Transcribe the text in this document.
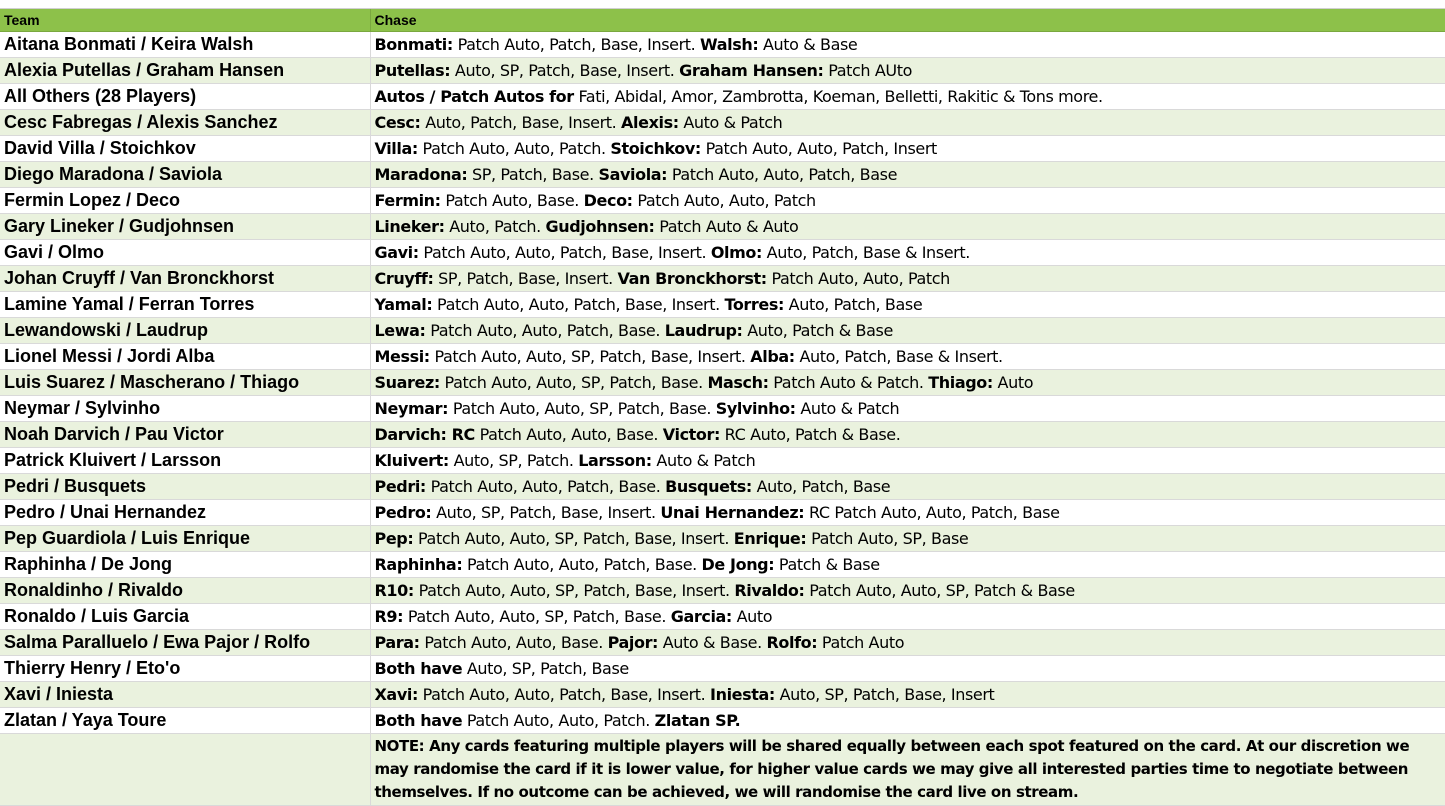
Team	Chase
Aitana Bonmati / Keira Walsh	Bonmati: Patch Auto, Patch, Base, Insert. Walsh: Auto & Base
Alexia Putellas / Graham Hansen	Putellas: Auto, SP, Patch, Base, Insert. Graham Hansen: Patch AUto
All Others (28 Players)	Autos / Patch Autos for Fati, Abidal, Amor, Zambrotta, Koeman, Belletti, Rakitic & Tons more.
Cesc Fabregas / Alexis Sanchez	Cesc: Auto, Patch, Base, Insert. Alexis: Auto & Patch
David Villa / Stoichkov	Villa: Patch Auto, Auto, Patch. Stoichkov: Patch Auto, Auto, Patch, Insert
Diego Maradona / Saviola	Maradona: SP, Patch, Base. Saviola: Patch Auto, Auto, Patch, Base
Fermin Lopez / Deco	Fermin: Patch Auto, Base. Deco: Patch Auto, Auto, Patch
Gary Lineker / Gudjohnsen	Lineker: Auto, Patch. Gudjohnsen: Patch Auto & Auto
Gavi / Olmo	Gavi: Patch Auto, Auto, Patch, Base, Insert. Olmo: Auto, Patch, Base & Insert.
Johan Cruyff / Van Bronckhorst	Cruyff: SP, Patch, Base, Insert. Van Bronckhorst: Patch Auto, Auto, Patch
Lamine Yamal / Ferran Torres	Yamal: Patch Auto, Auto, Patch, Base, Insert. Torres: Auto, Patch, Base
Lewandowski / Laudrup	Lewa: Patch Auto, Auto, Patch, Base. Laudrup: Auto, Patch & Base
Lionel Messi / Jordi Alba	Messi: Patch Auto, Auto, SP, Patch, Base, Insert. Alba: Auto, Patch, Base & Insert.
Luis Suarez / Mascherano / Thiago	Suarez: Patch Auto, Auto, SP, Patch, Base. Masch: Patch Auto & Patch. Thiago: Auto
Neymar / Sylvinho	Neymar: Patch Auto, Auto, SP, Patch, Base. Sylvinho: Auto & Patch
Noah Darvich / Pau Victor	Darvich: RC Patch Auto, Auto, Base. Victor: RC Auto, Patch & Base.
Patrick Kluivert / Larsson	Kluivert: Auto, SP, Patch. Larsson: Auto & Patch
Pedri / Busquets	Pedri: Patch Auto, Auto, Patch, Base. Busquets: Auto, Patch, Base
Pedro / Unai Hernandez	Pedro: Auto, SP, Patch, Base, Insert. Unai Hernandez: RC Patch Auto, Auto, Patch, Base
Pep Guardiola / Luis Enrique	Pep: Patch Auto, Auto, SP, Patch, Base, Insert. Enrique: Patch Auto, SP, Base
Raphinha / De Jong	Raphinha: Patch Auto, Auto, Patch, Base. De Jong: Patch & Base
Ronaldinho / Rivaldo	R10: Patch Auto, Auto, SP, Patch, Base, Insert. Rivaldo: Patch Auto, Auto, SP, Patch & Base
Ronaldo / Luis Garcia	R9: Patch Auto, Auto, SP, Patch, Base. Garcia: Auto
Salma Paralluelo / Ewa Pajor / Rolfo	Para: Patch Auto, Auto, Base. Pajor: Auto & Base. Rolfo: Patch Auto
Thierry Henry / Eto'o	Both have Auto, SP, Patch, Base
Xavi / Iniesta	Xavi: Patch Auto, Auto, Patch, Base, Insert. Iniesta: Auto, SP, Patch, Base, Insert
Zlatan / Yaya Toure	Both have Patch Auto, Auto, Patch. Zlatan SP.
	NOTE: Any cards featuring multiple players will be shared equally between each spot featured on the card. At our discretion we may randomise the card if it is lower value, for higher value cards we may give all interested parties time to negotiate between themselves. If no outcome can be achieved, we will randomise the card live on stream.
